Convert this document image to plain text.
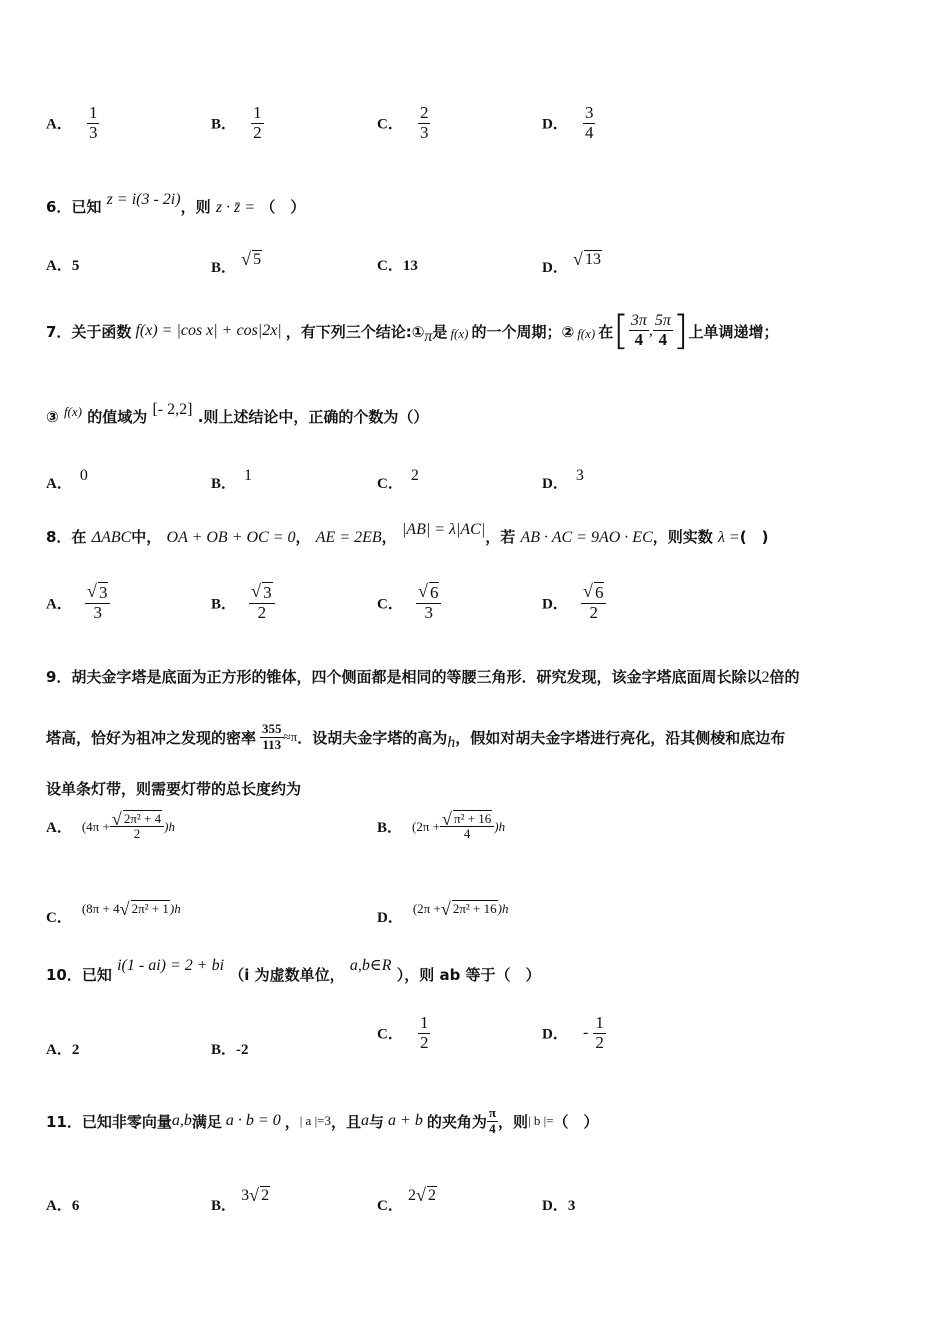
A． $\frac{1}{3}$	B． $\frac{1}{2}$	C． $\frac{2}{3}$	D． $\frac{3}{4}$
6．已知 z = i(3 - 2i)，则 z · z̄ = （　）
A．5	B． √ 5	C．13	D． √ 13
7．关于函数 f(x) = |cos x| + cos|2x| ，有下列三个结论:① π 是 f(x) 的一个周期；② f(x) 在 [ $\frac{3\pi}{4}$ , $\frac{5\pi}{4}$ ] 上单调递增；
③ f(x) 的值域为 [- 2,2] .则上述结论中，正确的个数为（）
A． 0	B． 1	C． 2	D． 3
8．在 ΔABC中， OA + OB + OC = 0， AE = 2EB， |AB| = λ|AC|，若 AB · AC = 9AO · EC，则实数 λ =(　)
A． √ $\frac{3}{3}$	B． √ $\frac{3}{2}$	C． √ $\frac{6}{3}$	D． √ $\frac{6}{2}$
9．胡夫金字塔是底面为正方形的锥体，四个侧面都是相同的等腰三角形．研究发现，该金字塔底面周长除以2倍的
塔高，恰好为祖冲之发现的密率 $\frac{355}{113} \approx\pi$ ．设胡夫金字塔的高为 h ，假如对胡夫金字塔进行亮化，沿其侧棱和底边布
设单条灯带，则需要灯带的总长度约为
A． (4π + √ $\frac{\text{2π² + 4}}{2} )h$	B． (2π + √ $\frac{\text{π² + 16}}{4} )h$
C．
(8π + 4 √ 2π² + 1 )h
D．
(2π + √ 2π² + 16 )h
10．已知 i(1 - ai) = 2 + bi （i 为虚数单位， a,b∈R ），则 ab 等于（　）
A．2	B．-2
C． $\frac{1}{2}$	D． - $\frac{1}{2}$
11．已知非零向量 a,b 满足 a · b = 0 ， | a |=3 ，且 a 与 a + b 的夹角为 $\frac{\pi}{4}$ ，则 | b |= （　）
A．6	B． 3 √ 2
C． 2 √ 2
D．3
